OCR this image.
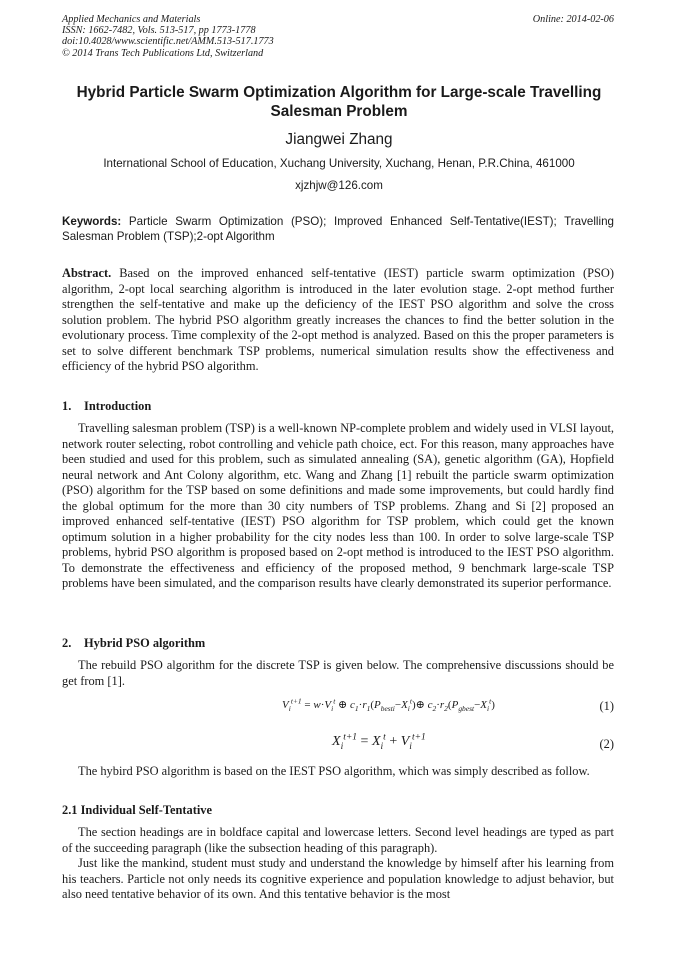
Applied Mechanics and Materials
ISSN: 1662-7482, Vols. 513-517, pp 1773-1778
doi:10.4028/www.scientific.net/AMM.513-517.1773
© 2014 Trans Tech Publications Ltd, Switzerland
Online: 2014-02-06
Hybrid Particle Swarm Optimization Algorithm for Large-scale Travelling Salesman Problem
Jiangwei Zhang
International School of Education, Xuchang University, Xuchang, Henan, P.R.China, 461000
xjzhjw@126.com
Keywords: Particle Swarm Optimization (PSO); Improved Enhanced Self-Tentative(IEST); Travelling Salesman Problem (TSP);2-opt Algorithm
Abstract. Based on the improved enhanced self-tentative (IEST) particle swarm optimization (PSO) algorithm, 2-opt local searching algorithm is introduced in the later evolution stage. 2-opt method further strengthen the self-tentative and make up the deficiency of the IEST PSO algorithm and solve the cross solution problem. The hybrid PSO algorithm greatly increases the chances to find the better solution in the evolutionary process. Time complexity of the 2-opt method is analyzed. Based on this the proper parameters is set to solve different benchmark TSP problems, numerical simulation results show the effectiveness and efficiency of the hybrid PSO algorithm.
1. Introduction
Travelling salesman problem (TSP) is a well-known NP-complete problem and widely used in VLSI layout, network router selecting, robot controlling and vehicle path choice, ect. For this reason, many approaches have been studied and used for this problem, such as simulated annealing (SA), genetic algorithm (GA), Hopfield neural network and Ant Colony algorithm, etc. Wang and Zhang [1] rebuilt the particle swarm optimization (PSO) algorithm for the TSP based on some definitions and made some improvements, but could hardly find the global optimum for the more than 30 city numbers of TSP problems. Zhang and Si [2] proposed an improved enhanced self-tentative (IEST) PSO algorithm for TSP problem, which could get the known optimum solution in a higher probability for the city nodes less than 100. In order to solve large-scale TSP problems, hybrid PSO algorithm is proposed based on 2-opt method is introduced to the IEST PSO algorithm. To demonstrate the effectiveness and efficiency of the proposed method, 9 benchmark large-scale TSP problems have been simulated, and the comparison results have clearly demonstrated its superior performance.
2. Hybrid PSO algorithm
The rebuild PSO algorithm for the discrete TSP is given below. The comprehensive discussions should be get from [1].
$V_i^{t+1} = w\cdot V_i^t$ ⊕ $c_1\cdot r_1(P_{besti}-X_i^t)\oplus$ $c_2\cdot r_2(P_{gbest}-X_i^t)$	(1)
$X_i^{t+1} = X_i^t + V_i^{t+1}$	(2)
The hybird PSO algorithm is based on the IEST PSO algorithm, which was simply described as follow.
2.1 Individual Self-Tentative
The section headings are in boldface capital and lowercase letters. Second level headings are typed as part of the succeeding paragraph (like the subsection heading of this paragraph).
Just like the mankind, student must study and understand the knowledge by himself after his learning from his teachers. Particle not only needs its cognitive experience and population knowledge to adjust behavior, but also need tentative behavior of its own. And this tentative behavior is the most
